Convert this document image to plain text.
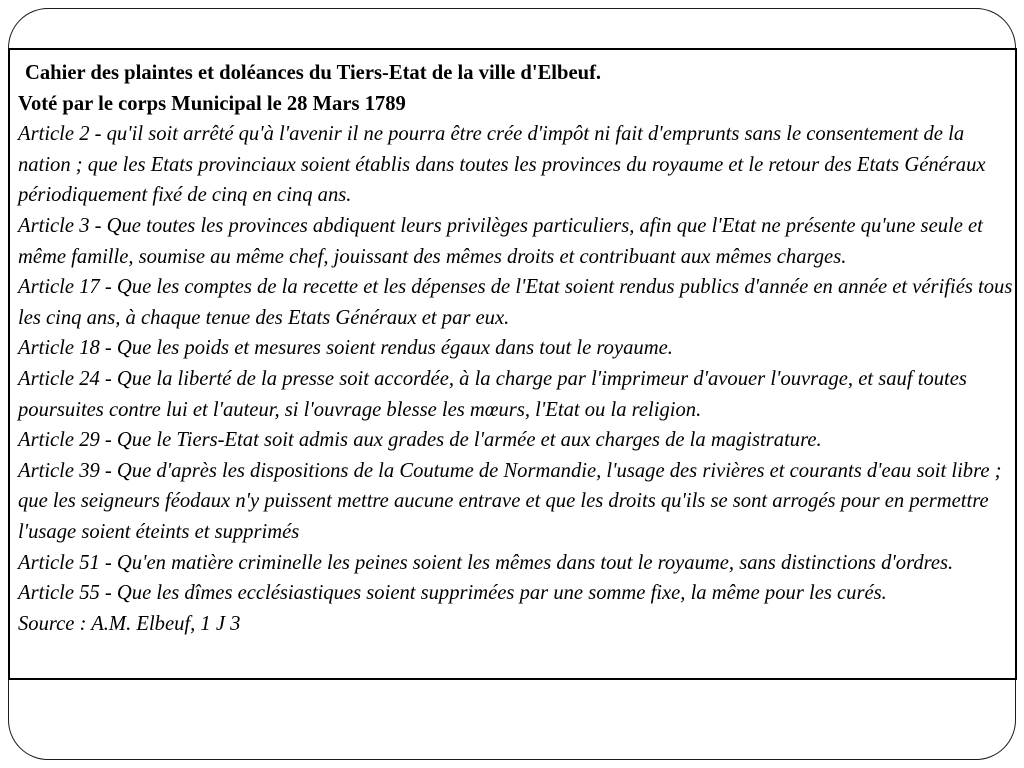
Cahier des plaintes et doléances du Tiers-Etat de la ville d'Elbeuf.
Voté par le corps Municipal le 28 Mars 1789
Article 2 - qu'il soit arrêté qu'à l'avenir il ne pourra être crée d'impôt ni fait d'emprunts sans le consentement de la nation ; que les Etats provinciaux soient établis dans toutes les provinces du royaume et le retour des Etats Généraux périodiquement fixé de cinq en cinq ans.
Article 3 - Que toutes les provinces abdiquent leurs privilèges particuliers, afin que l'Etat ne présente qu'une seule et même famille, soumise au même chef, jouissant des mêmes droits et contribuant aux mêmes charges.
Article 17 - Que les comptes de la recette et les dépenses de l'Etat soient rendus publics d'année en année et vérifiés tous les cinq ans, à chaque tenue des Etats Généraux et par eux.
Article 18 - Que les poids et mesures soient rendus égaux dans tout le royaume.
Article 24 - Que la liberté de la presse soit accordée, à la charge par l'imprimeur d'avouer l'ouvrage, et sauf toutes poursuites contre lui et l'auteur, si l'ouvrage blesse les mœurs, l'Etat ou la religion.
Article 29 - Que le Tiers-Etat soit admis aux grades de l'armée et aux charges de la magistrature.
Article 39 - Que d'après les dispositions de la Coutume de Normandie, l'usage des rivières et courants d'eau soit libre ; que les seigneurs féodaux n'y puissent mettre aucune entrave et que les droits qu'ils se sont arrogés pour en permettre l'usage soient éteints et supprimés
Article 51 - Qu'en matière criminelle les peines soient les mêmes dans tout le royaume, sans distinctions d'ordres.
Article 55 - Que les dîmes ecclésiastiques soient supprimées par une somme fixe, la même pour les curés.
Source : A.M. Elbeuf, 1 J 3
